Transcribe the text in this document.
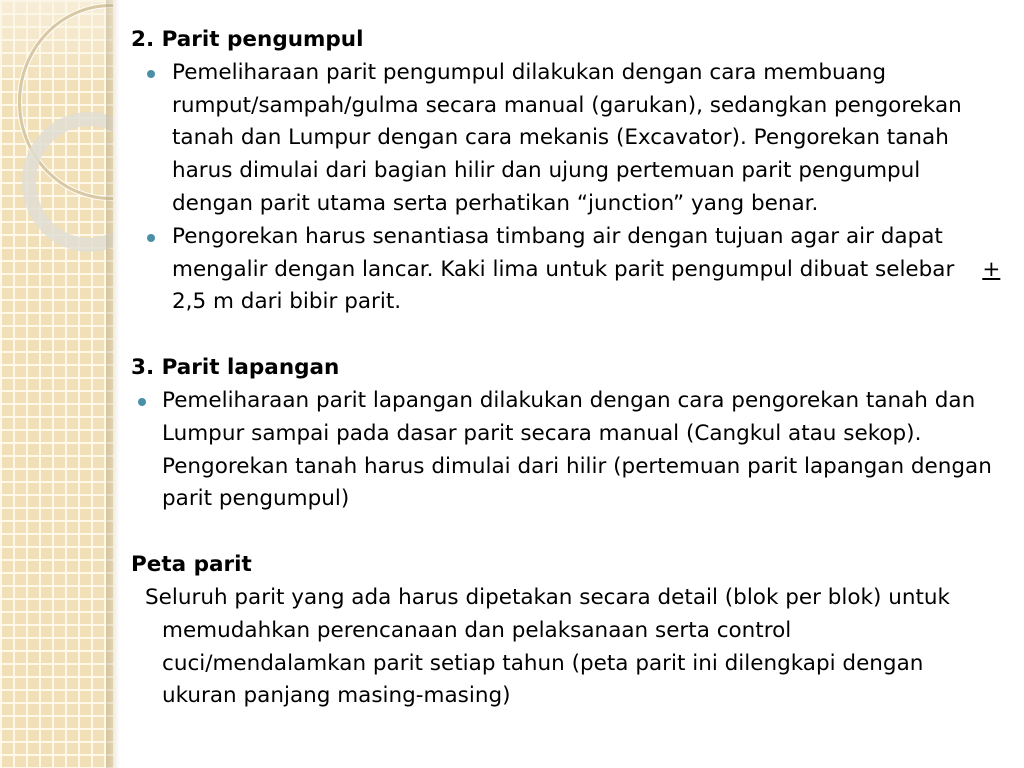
2. Parit pengumpul
Pemeliharaan parit pengumpul dilakukan dengan cara membuang rumput/sampah/gulma secara manual (garukan), sedangkan pengorekan tanah dan Lumpur dengan cara mekanis (Excavator). Pengorekan tanah harus dimulai dari bagian hilir dan ujung pertemuan parit pengumpul dengan parit utama serta perhatikan “junction” yang benar.
Pengorekan harus senantiasa timbang air dengan tujuan agar air dapat mengalir dengan lancar. Kaki lima untuk parit pengumpul dibuat selebar + 2,5 m dari bibir parit.
3. Parit lapangan
Pemeliharaan parit lapangan dilakukan dengan cara pengorekan tanah dan Lumpur sampai pada dasar parit secara manual (Cangkul atau sekop). Pengorekan tanah harus dimulai dari hilir (pertemuan parit lapangan dengan parit pengumpul)
Peta parit
Seluruh parit yang ada harus dipetakan secara detail (blok per blok) untuk memudahkan perencanaan dan pelaksanaan serta control cuci/mendalamkan parit setiap tahun (peta parit ini dilengkapi dengan ukuran panjang masing-masing)
